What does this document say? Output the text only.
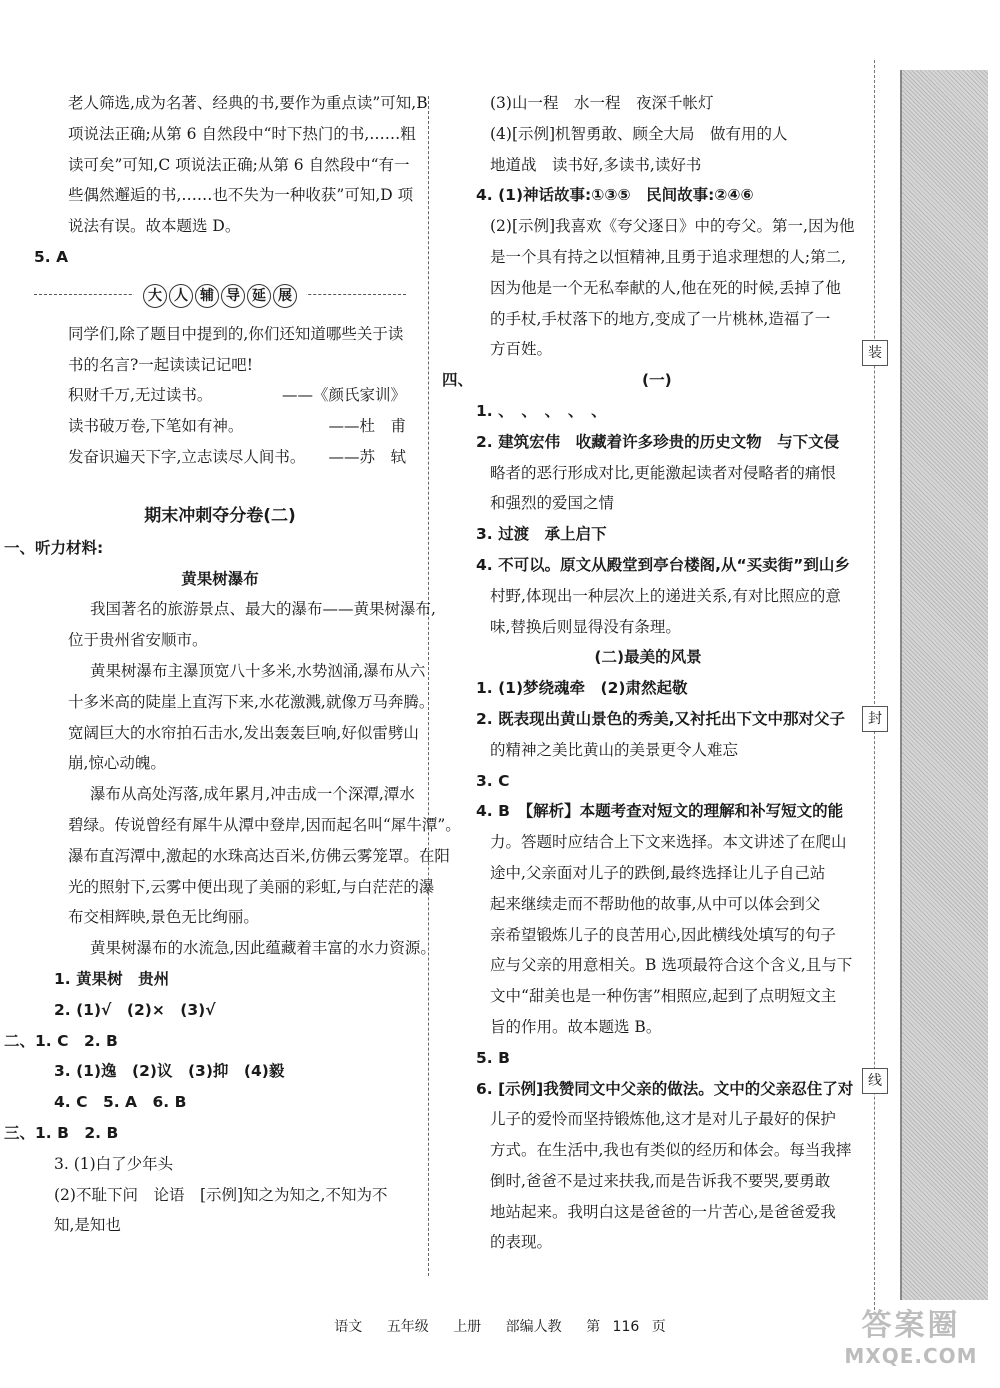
装
封
线
老人筛选,成为名著、经典的书,要作为重点读”可知,B
项说法正确;从第 6 自然段中“时下热门的书,……粗
读可矣”可知,C 项说法正确;从第 6 自然段中“有一
些偶然邂逅的书,……也不失为一种收获”可知,D 项
说法有误。故本题选 D。
5. A
大 人 辅 导 延 展
同学们,除了题目中提到的,你们还知道哪些关于读
书的名言?一起读读记记吧!
积财千万,无过读书。	——《颜氏家训》
读书破万卷,下笔如有神。	——杜　甫
发奋识遍天下字,立志读尽人间书。 ——苏　轼
期末冲刺夺分卷(二)
一、听力材料:
黄果树瀑布
我国著名的旅游景点、最大的瀑布——黄果树瀑布,
位于贵州省安顺市。
黄果树瀑布主瀑顶宽八十多米,水势汹涌,瀑布从六
十多米高的陡崖上直泻下来,水花激溅,就像万马奔腾。
宽阔巨大的水帘拍石击水,发出轰轰巨响,好似雷劈山
崩,惊心动魄。
瀑布从高处泻落,成年累月,冲击成一个深潭,潭水
碧绿。传说曾经有犀牛从潭中登岸,因而起名叫“犀牛潭”。
瀑布直泻潭中,激起的水珠高达百米,仿佛云雾笼罩。在阳
光的照射下,云雾中便出现了美丽的彩虹,与白茫茫的瀑
布交相辉映,景色无比绚丽。
黄果树瀑布的水流急,因此蕴藏着丰富的水力资源。
1. 黄果树　贵州
2. (1)√　(2)×　(3)√
二、1. C　2. B
3. (1)逸　(2)议　(3)抑　(4)毅
4. C　5. A　6. B
三、1. B　2. B
3. (1)白了少年头
(2)不耻下问　论语　[示例]知之为知之,不知为不
知,是知也
(3)山一程　水一程　夜深千帐灯
(4)[示例]机智勇敢、顾全大局　做有用的人
地道战　读书好,多读书,读好书
4. (1)神话故事:①③⑤　民间故事:②④⑥
(2)[示例]我喜欢《夸父逐日》中的夸父。第一,因为他
是一个具有持之以恒精神,且勇于追求理想的人;第二,
因为他是一个无私奉献的人,他在死的时候,丢掉了他
的手杖,手杖落下的地方,变成了一片桃林,造福了一
方百姓。
四、	(一)
1. 、　、　、　、　、
2. 建筑宏伟　收藏着许多珍贵的历史文物　与下文侵
略者的恶行形成对比,更能激起读者对侵略者的痛恨
和强烈的爱国之情
3. 过渡　承上启下
4. 不可以。原文从殿堂到亭台楼阁,从“买卖街”到山乡
村野,体现出一种层次上的递进关系,有对比照应的意
味,替换后则显得没有条理。
(二)最美的风景
1. (1)梦绕魂牵　(2)肃然起敬
2. 既表现出黄山景色的秀美,又衬托出下文中那对父子
的精神之美比黄山的美景更令人难忘
3. C
4. B　【解析】本题考查对短文的理解和补写短文的能
力。答题时应结合上下文来选择。本文讲述了在爬山
途中,父亲面对儿子的跌倒,最终选择让儿子自己站
起来继续走而不帮助他的故事,从中可以体会到父
亲希望锻炼儿子的良苦用心,因此横线处填写的句子
应与父亲的用意相关。B 选项最符合这个含义,且与下
文中“甜美也是一种伤害”相照应,起到了点明短文主
旨的作用。故本题选 B。
5. B
6. [示例]我赞同文中父亲的做法。文中的父亲忍住了对
儿子的爱怜而坚持锻炼他,这才是对儿子最好的保护
方式。在生活中,我也有类似的经历和体会。每当我摔
倒时,爸爸不是过来扶我,而是告诉我不要哭,要勇敢
地站起来。我明白这是爸爸的一片苦心,是爸爸爱我
的表现。
语文 五年级 上册 部编人教 第 116 页	答案圈
MXQE.COM
